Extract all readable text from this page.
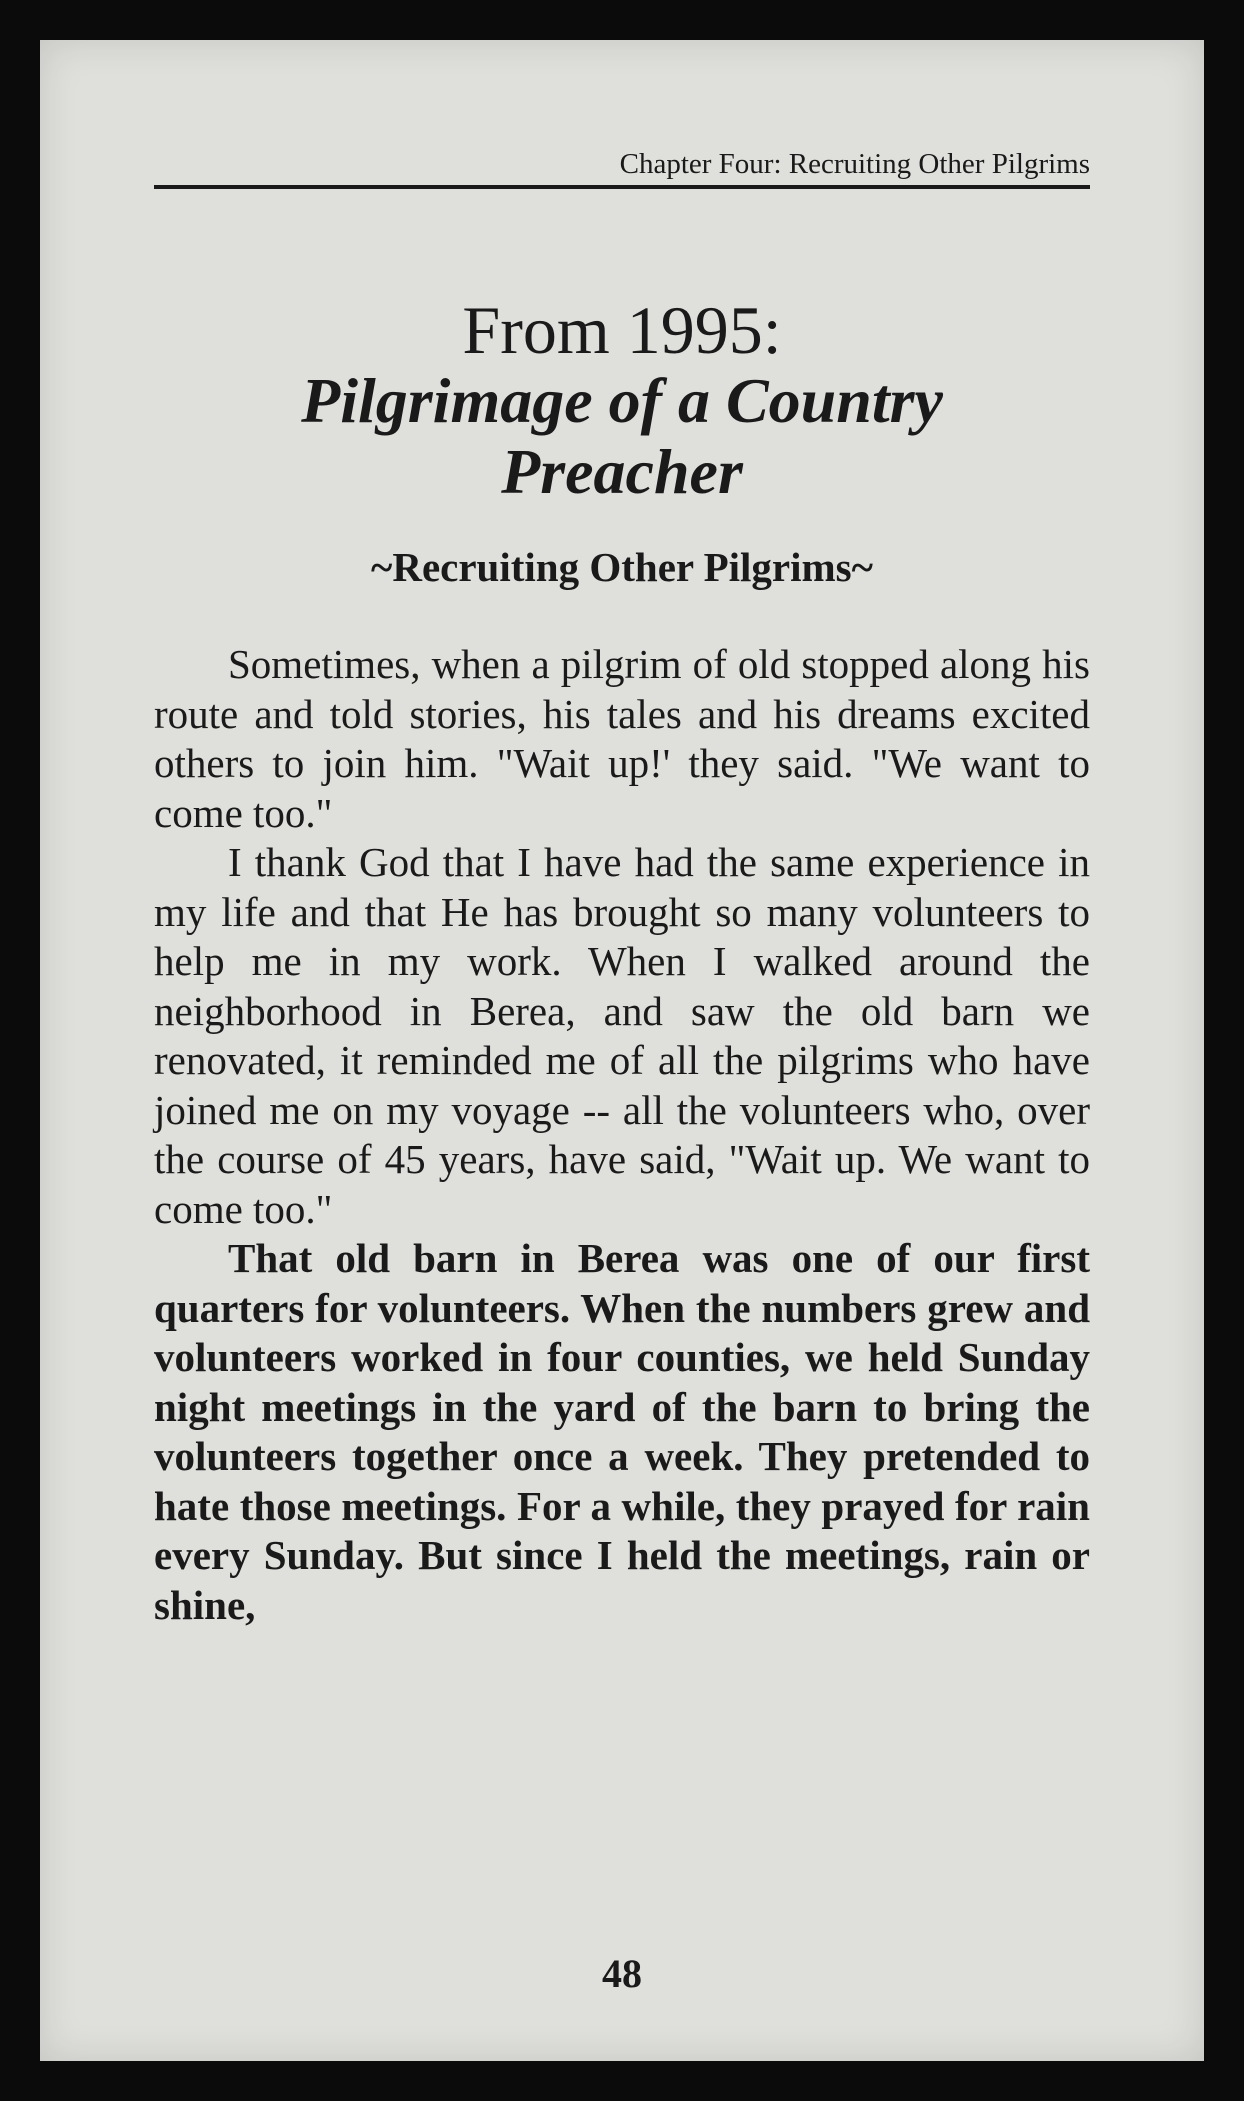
Chapter Four: Recruiting Other Pilgrims
From 1995:
Pilgrimage of a Country
Preacher
~Recruiting Other Pilgrims~

Sometimes, when a pilgrim of old stopped along his route and told stories, his tales and his dreams excited others to join him. "Wait up!' they said. "We want to come too."

I thank God that I have had the same experience in my life and that He has brought so many volunteers to help me in my work. When I walked around the neighborhood in Berea, and saw the old barn we renovated, it reminded me of all the pilgrims who have joined me on my voyage -- all the volunteers who, over the course of 45 years, have said, "Wait up. We want to come too."

That old barn in Berea was one of our first quarters for volunteers. When the numbers grew and volunteers worked in four counties, we held Sunday night meetings in the yard of the barn to bring the volunteers together once a week. They pretended to hate those meetings. For a while, they prayed for rain every Sunday. But since I held the meetings, rain or shine,

48
